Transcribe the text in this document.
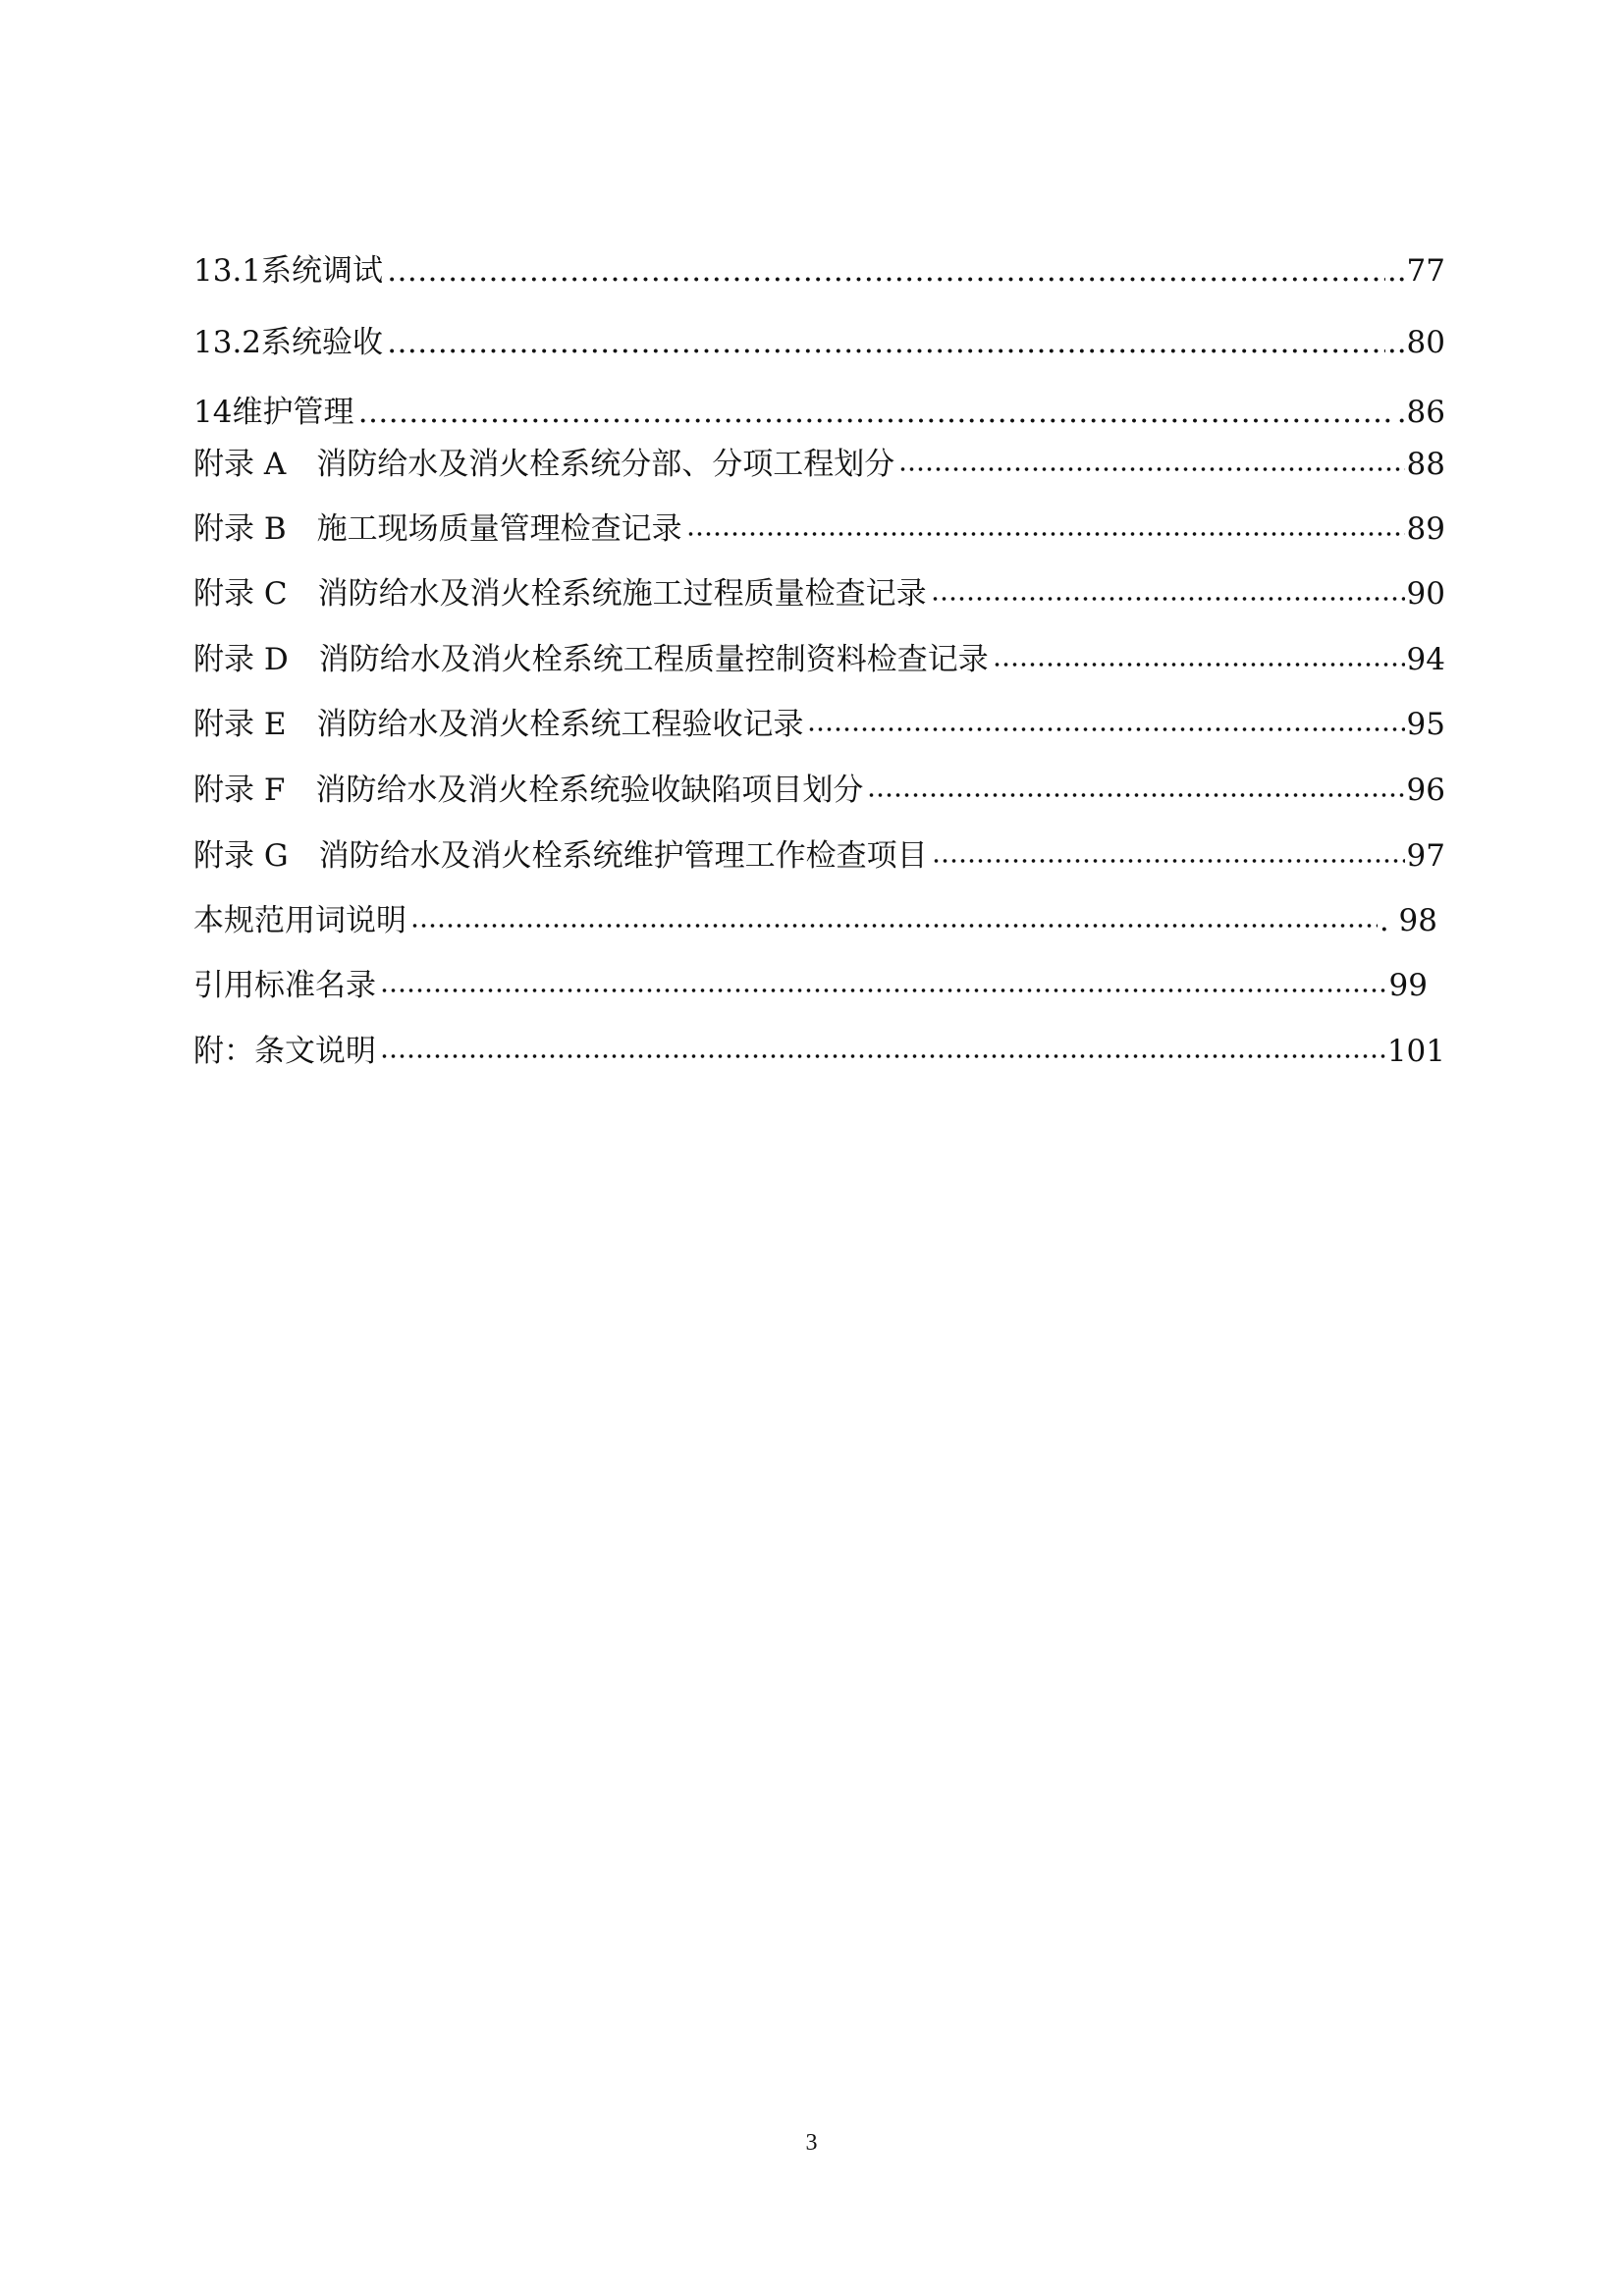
13.1系统调试 …………………………………………………………………………………………………………………………………………………………………………………	..77
13.2系统验收 …………………………………………………………………………………………………………………………………………………………………………………	..80
14维护管理 …………………………………………………………………………………………………………………………………………………………………………………	.86
附录 A　消防给水及消火栓系统分部、分项工程划分	88
附录 B　施工现场质量管理检查记录	89
附录 C　消防给水及消火栓系统施工过程质量检查记录	90
附录 D　消防给水及消火栓系统工程质量控制资料检查记录	94
附录 E　消防给水及消火栓系统工程验收记录	95
附录 F　消防给水及消火栓系统验收缺陷项目划分	96
附录 G　消防给水及消火栓系统维护管理工作检查项目	97
本规范用词说明	. 98
引用标准名录	99
附：条文说明	101
3
